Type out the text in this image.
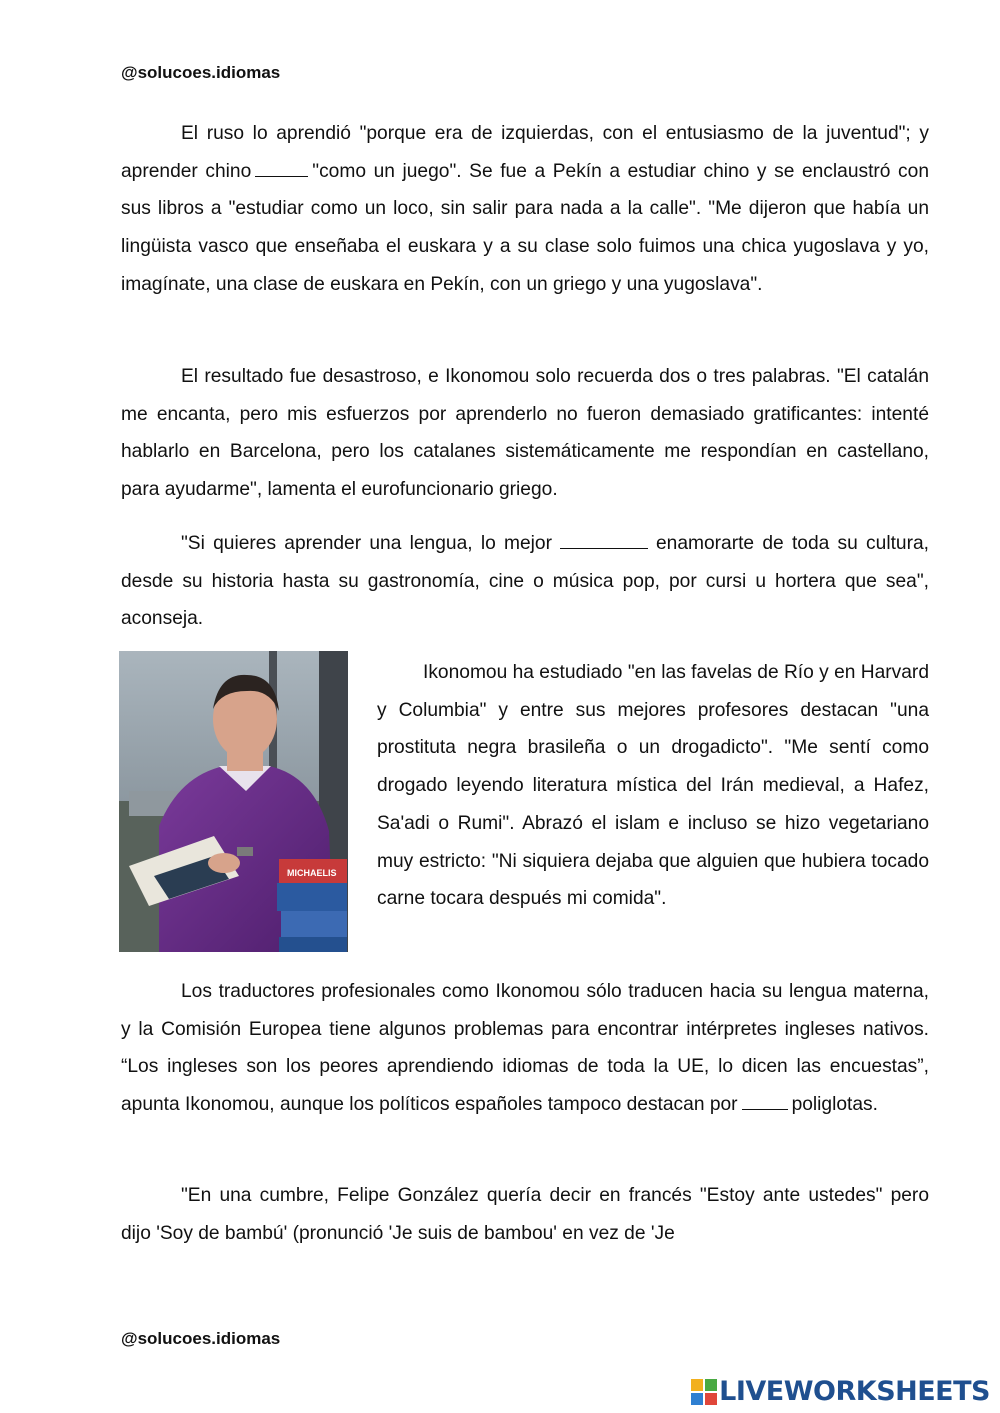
@solucoes.idiomas

El ruso lo aprendió "porque era de izquierdas, con el entusiasmo de la juventud"; y aprender chino	"como un juego". Se fue a Pekín a estudiar chino y se enclaustró con sus libros a "estudiar como un loco, sin salir para nada a la calle". "Me dijeron que había un lingüista vasco que enseñaba el euskara y a su clase solo fuimos una chica yugoslava y yo, imagínate, una clase de euskara en Pekín, con un griego y una yugoslava".

El resultado fue desastroso, e Ikonomou solo recuerda dos o tres palabras. "El catalán me encanta, pero mis esfuerzos por aprenderlo no fueron demasiado gratificantes: intenté hablarlo en Barcelona, pero los catalanes sistemáticamente me respondían en castellano, para ayudarme", lamenta el eurofuncionario griego.

"Si quieres aprender una lengua, lo mejor	enamorarte de toda su cultura, desde su historia hasta su gastronomía, cine o música pop, por cursi u hortera que sea", aconseja.

MICHAELIS

Ikonomou ha estudiado "en las favelas de Río y en Harvard y Columbia" y entre sus mejores profesores destacan "una prostituta negra brasileña o un drogadicto". "Me sentí como drogado leyendo literatura mística del Irán medieval, a Hafez, Sa'adi o Rumi". Abrazó el islam e incluso se hizo vegetariano muy estricto: "Ni siquiera dejaba que alguien que hubiera tocado carne tocara después mi comida".

Los traductores profesionales como Ikonomou sólo traducen hacia su lengua materna, y la Comisión Europea tiene algunos problemas para encontrar intérpretes ingleses nativos. “Los ingleses son los peores aprendiendo idiomas de toda la UE, lo dicen las encuestas”, apunta Ikonomou, aunque los políticos españoles tampoco destacan por	poliglotas.

"En una cumbre, Felipe González quería decir en francés "Estoy ante ustedes" pero dijo 'Soy de bambú' (pronunció 'Je suis de bambou' en vez de 'Je

@solucoes.idiomas
LIVEWORKSHEETS
